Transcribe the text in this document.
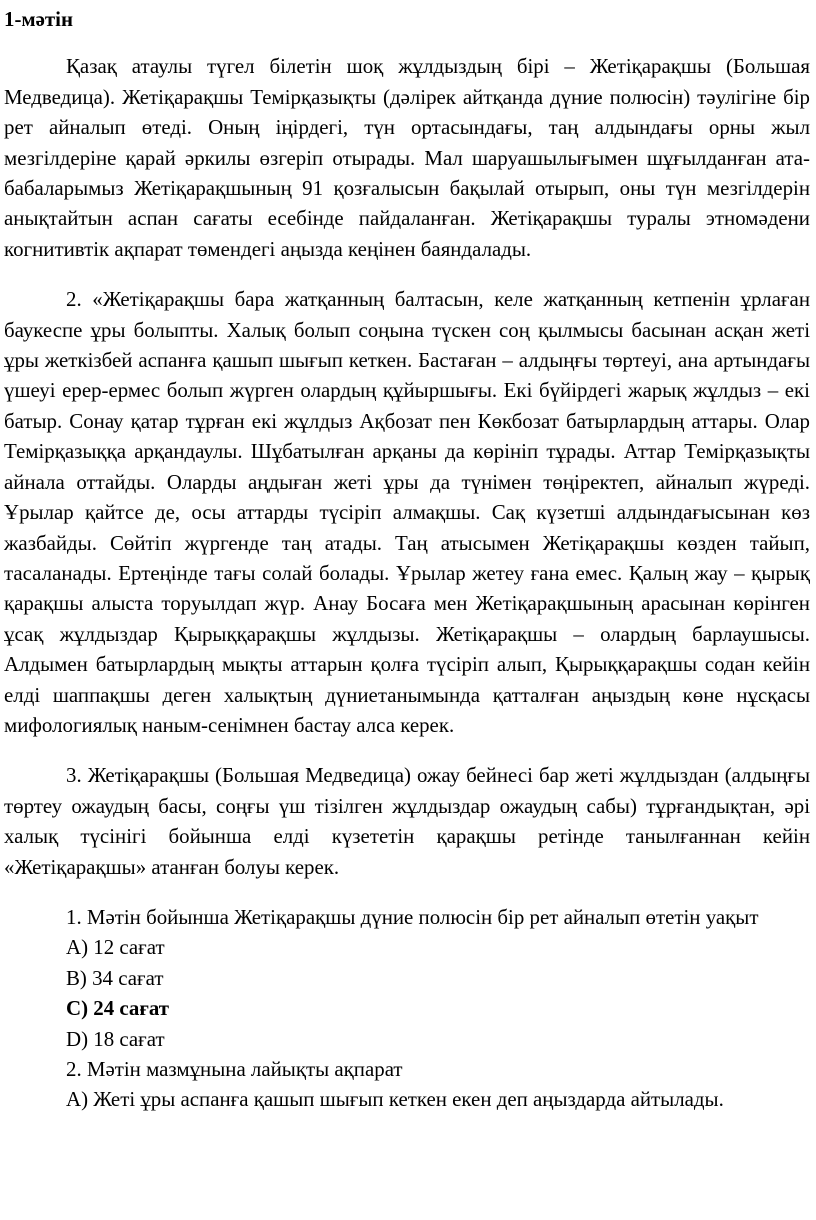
1-мәтін

Қазақ атаулы түгел білетін шоқ жұлдыздың бірі – Жетіқарақшы (Большая Медведица). Жетіқарақшы Темірқазықты (дәлірек айтқанда дүние полюсін) тәулігіне бір рет айналып өтеді. Оның іңірдегі, түн ортасындағы, таң алдындағы орны жыл мезгілдеріне қарай әркилы өзгеріп отырады. Мал шаруашылығымен шұғылданған ата-бабаларымыз Жетіқарақшының 91 қозғалысын бақылай отырып, оны түн мезгілдерін анықтайтын аспан сағаты есебінде пайдаланған. Жетіқарақшы туралы этномәдени когнитивтік ақпарат төмендегі аңызда кеңінен баяндалады.

2. «Жетіқарақшы бара жатқанның балтасын, келе жатқанның кетпенін ұрлаған баукеспе ұры болыпты. Халық болып соңына түскен соң қылмысы басынан асқан жеті ұры жеткізбей аспанға қашып шығып кеткен. Бастаған – алдыңғы төртеуі, ана артындағы үшеуі ерер-ермес болып жүрген олардың құйыршығы. Екі бүйірдегі жарық жұлдыз – екі батыр. Сонау қатар тұрған екі жұлдыз Ақбозат пен Көкбозат батырлардың аттары. Олар Темірқазыққа арқандаулы. Шұбатылған арқаны да көрініп тұрады. Аттар Темірқазықты айнала оттайды. Оларды аңдыған жеті ұры да түнімен төңіректеп, айналып жүреді. Ұрылар қайтсе де, осы аттарды түсіріп алмақшы. Сақ күзетші алдындағысынан көз жазбайды. Сөйтіп жүргенде таң атады. Таң атысымен Жетіқарақшы көзден тайып, тасаланады. Ертеңінде тағы солай болады. Ұрылар жетеу ғана емес. Қалың жау – қырық қарақшы алыста торуылдап жүр. Анау Босаға мен Жетіқарақшының арасынан көрінген ұсақ жұлдыздар Қырыққарақшы жұлдызы. Жетіқарақшы – олардың барлаушысы. Алдымен батырлардың мықты аттарын қолға түсіріп алып, Қырыққарақшы содан кейін елді шаппақшы деген халықтың дүниетанымында қатталған аңыздың көне нұсқасы мифологиялық наным-сенімнен бастау алса керек.

3. Жетіқарақшы (Большая Медведица) ожау бейнесі бар жеті жұлдыздан (алдыңғы төртеу ожаудың басы, соңғы үш тізілген жұлдыздар ожаудың сабы) тұрғандықтан, әрі халық түсінігі бойынша елді күзететін қарақшы ретінде танылғаннан кейін «Жетіқарақшы» атанған болуы керек.

1. Мәтін бойынша Жетіқарақшы дүние полюсін бір рет айналып өтетін уақыт

A) 12 сағат

B) 34 сағат

C) 24 сағат

D) 18 сағат

2. Мәтін мазмұнына лайықты ақпарат

A) Жеті ұры аспанға қашып шығып кеткен екен деп аңыздарда айтылады.
